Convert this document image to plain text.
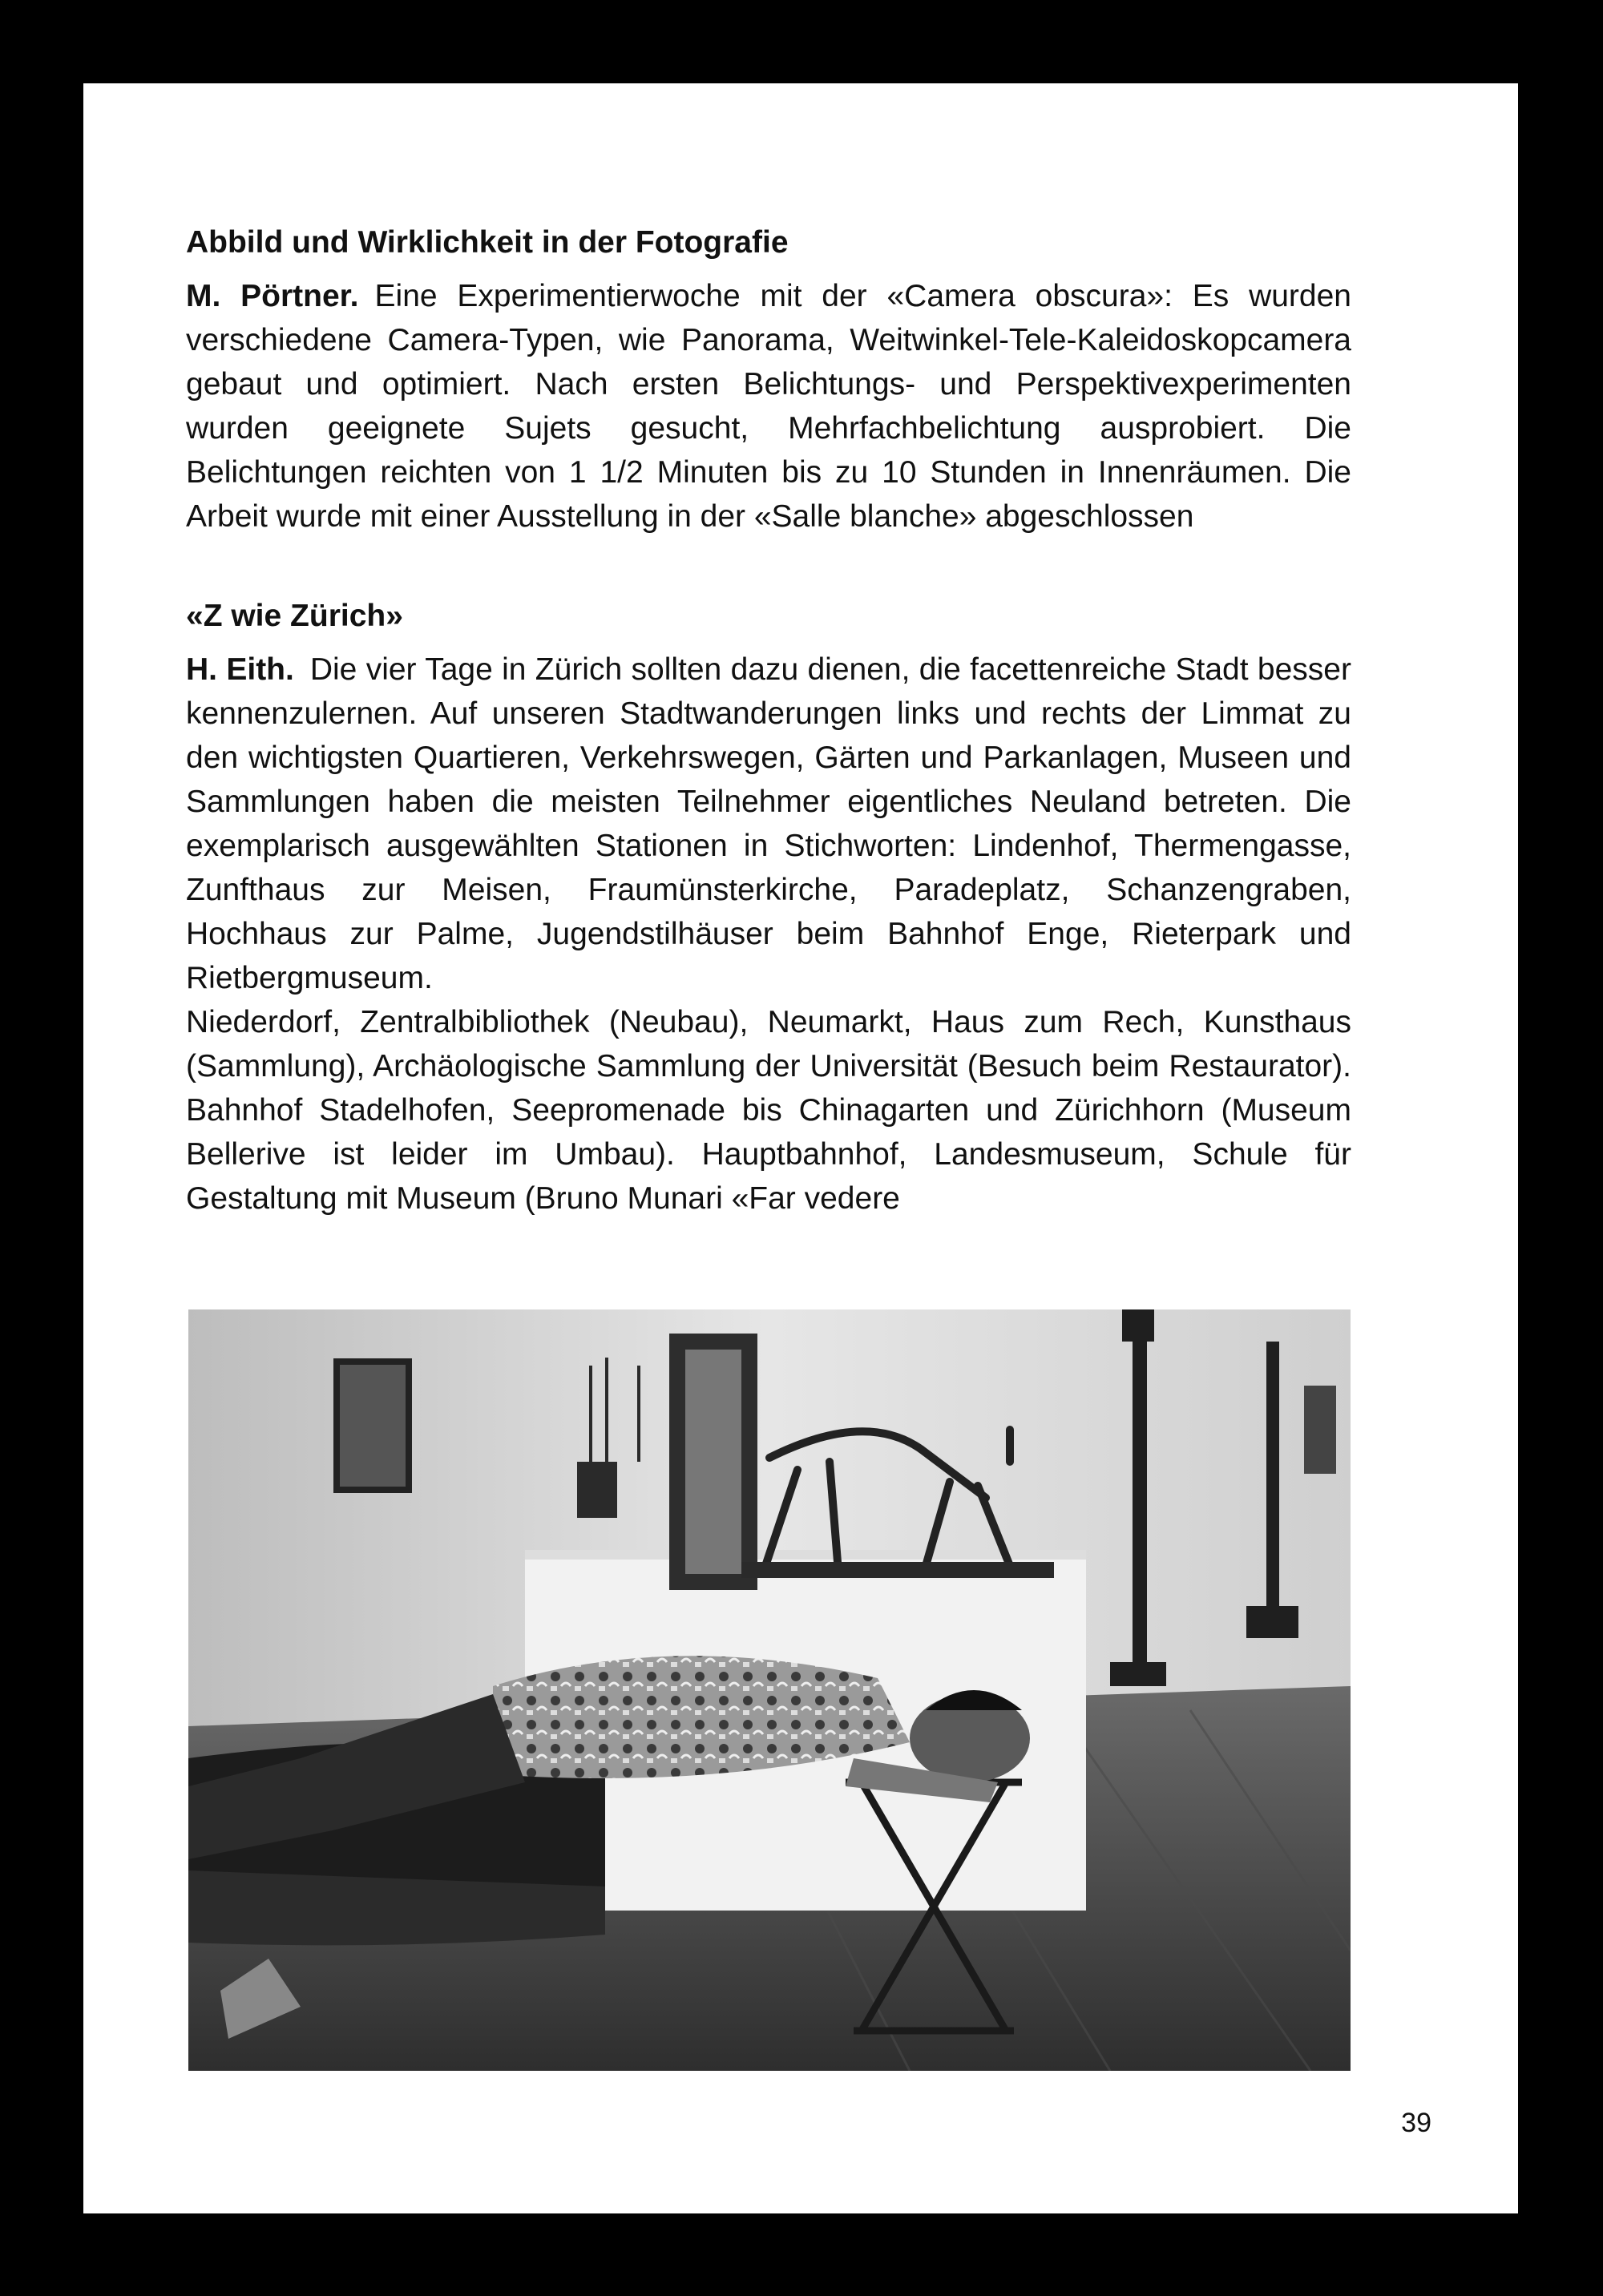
Abbild und Wirklichkeit in der Fotografie

M. Pörtner. Eine Experimentierwoche mit der «Camera obscura»: Es wurden verschiedene Camera-Typen, wie Panorama, Weitwinkel-Tele-Kaleidoskopcamera gebaut und optimiert. Nach ersten Belichtungs- und Perspektivexperimenten wurden geeignete Sujets gesucht, Mehrfachbelichtung ausprobiert. Die Belichtungen reichten von 1 1/2 Minuten bis zu 10 Stunden in Innenräumen. Die Arbeit wurde mit einer Ausstellung in der «Salle blanche» abgeschlossen

«Z wie Zürich»

H. Eith. Die vier Tage in Zürich sollten dazu dienen, die facettenreiche Stadt besser kennenzulernen. Auf unseren Stadtwanderungen links und rechts der Limmat zu den wichtigsten Quartieren, Verkehrswegen, Gärten und Parkanlagen, Museen und Sammlungen haben die meisten Teilnehmer eigentliches Neuland betreten. Die exemplarisch ausgewählten Stationen in Stichworten: Lindenhof, Thermengasse, Zunfthaus zur Meisen, Fraumünsterkirche, Paradeplatz, Schanzengraben, Hochhaus zur Palme, Jugendstilhäuser beim Bahnhof Enge, Rieterpark und Rietbergmuseum.

Niederdorf, Zentralbibliothek (Neubau), Neumarkt, Haus zum Rech, Kunsthaus (Sammlung), Archäologische Sammlung der Universität (Besuch beim Restaurator). Bahnhof Stadelhofen, Seepromenade bis Chinagarten und Zürichhorn (Museum Bellerive ist leider im Umbau). Hauptbahnhof, Landesmuseum, Schule für Gestaltung mit Museum (Bruno Munari «Far vedere

39
